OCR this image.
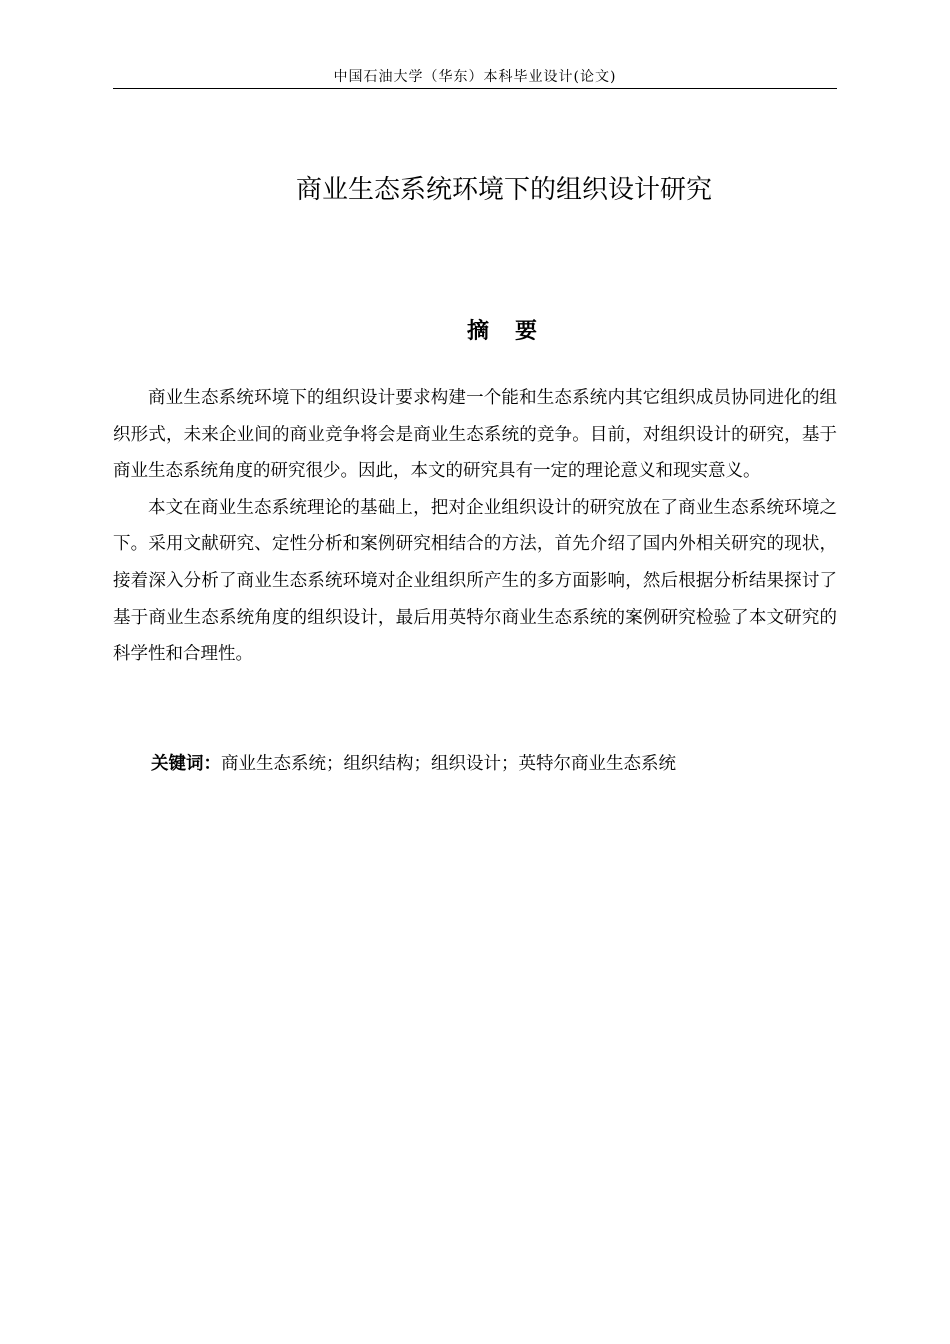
中国石油大学（华东）本科毕业设计(论文)
商业生态系统环境下的组织设计研究
摘 要

商业生态系统环境下的组织设计要求构建一个能和生态系统内其它组织成员协同进化的组织形式，未来企业间的商业竞争将会是商业生态系统的竞争。目前，对组织设计的研究，基于商业生态系统角度的研究很少。因此，本文的研究具有一定的理论意义和现实意义。

本文在商业生态系统理论的基础上，把对企业组织设计的研究放在了商业生态系统环境之下。采用文献研究、定性分析和案例研究相结合的方法，首先介绍了国内外相关研究的现状，接着深入分析了商业生态系统环境对企业组织所产生的多方面影响，然后根据分析结果探讨了基于商业生态系统角度的组织设计，最后用英特尔商业生态系统的案例研究检验了本文研究的科学性和合理性。

关键词：商业生态系统；组织结构；组织设计；英特尔商业生态系统
